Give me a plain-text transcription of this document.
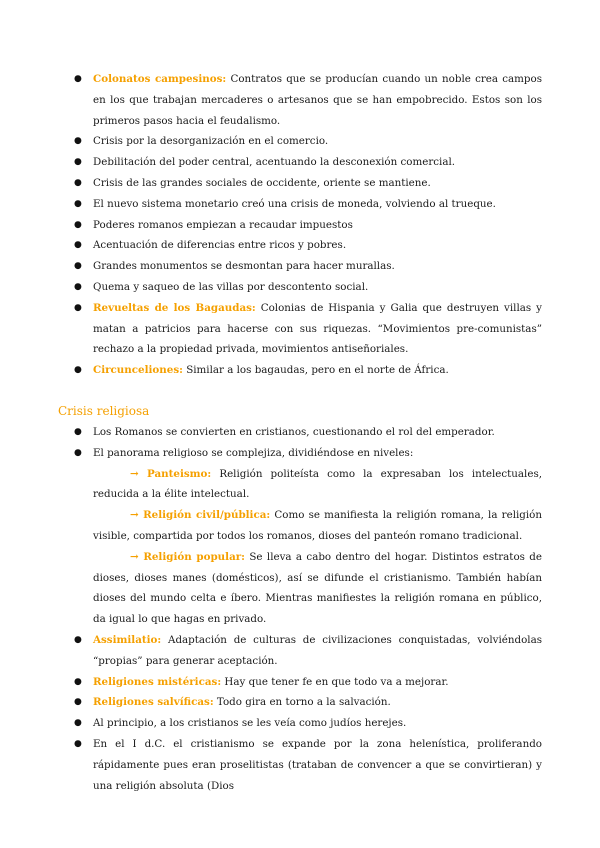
● Colonatos campesinos: Contratos que se producían cuando un noble crea campos en los que trabajan mercaderes o artesanos que se han empobrecido. Estos son los primeros pasos hacia el feudalismo.
● Crisis por la desorganización en el comercio.
● Debilitación del poder central, acentuando la desconexión comercial.
● Crisis de las grandes sociales de occidente, oriente se mantiene.
● El nuevo sistema monetario creó una crisis de moneda, volviendo al trueque.
● Poderes romanos empiezan a recaudar impuestos
● Acentuación de diferencias entre ricos y pobres.
● Grandes monumentos se desmontan para hacer murallas.
● Quema y saqueo de las villas por descontento social.
● Revueltas de los Bagaudas: Colonias de Hispania y Galia que destruyen villas y matan a patricios para hacerse con sus riquezas. “Movimientos pre-comunistas” rechazo a la propiedad privada, movimientos antiseñoriales.
● Circunceliones: Similar a los bagaudas, pero en el norte de África.
Crisis religiosa
● Los Romanos se convierten en cristianos, cuestionando el rol del emperador.
● El panorama religioso se complejiza, dividiéndose en niveles:
→ Panteismo: Religión politeísta como la expresaban los intelectuales, reducida a la élite intelectual.
→ Religión civil/pública: Como se manifiesta la religión romana, la religión visible, compartida por todos los romanos, dioses del panteón romano tradicional.
→ Religión popular: Se lleva a cabo dentro del hogar. Distintos estratos de dioses, dioses manes (domésticos), así se difunde el cristianismo. También habían dioses del mundo celta e íbero. Mientras manifiestes la religión romana en público, da igual lo que hagas en privado.
● Assimilatio: Adaptación de culturas de civilizaciones conquistadas, volviéndolas “propias” para generar aceptación.
● Religiones mistéricas: Hay que tener fe en que todo va a mejorar.
● Religiones salvíficas: Todo gira en torno a la salvación.
● Al principio, a los cristianos se les veía como judíos herejes.
● En el I d.C. el cristianismo se expande por la zona helenística, proliferando rápidamente pues eran proselitistas (trataban de convencer a que se convirtieran) y una religión absoluta (Dios
